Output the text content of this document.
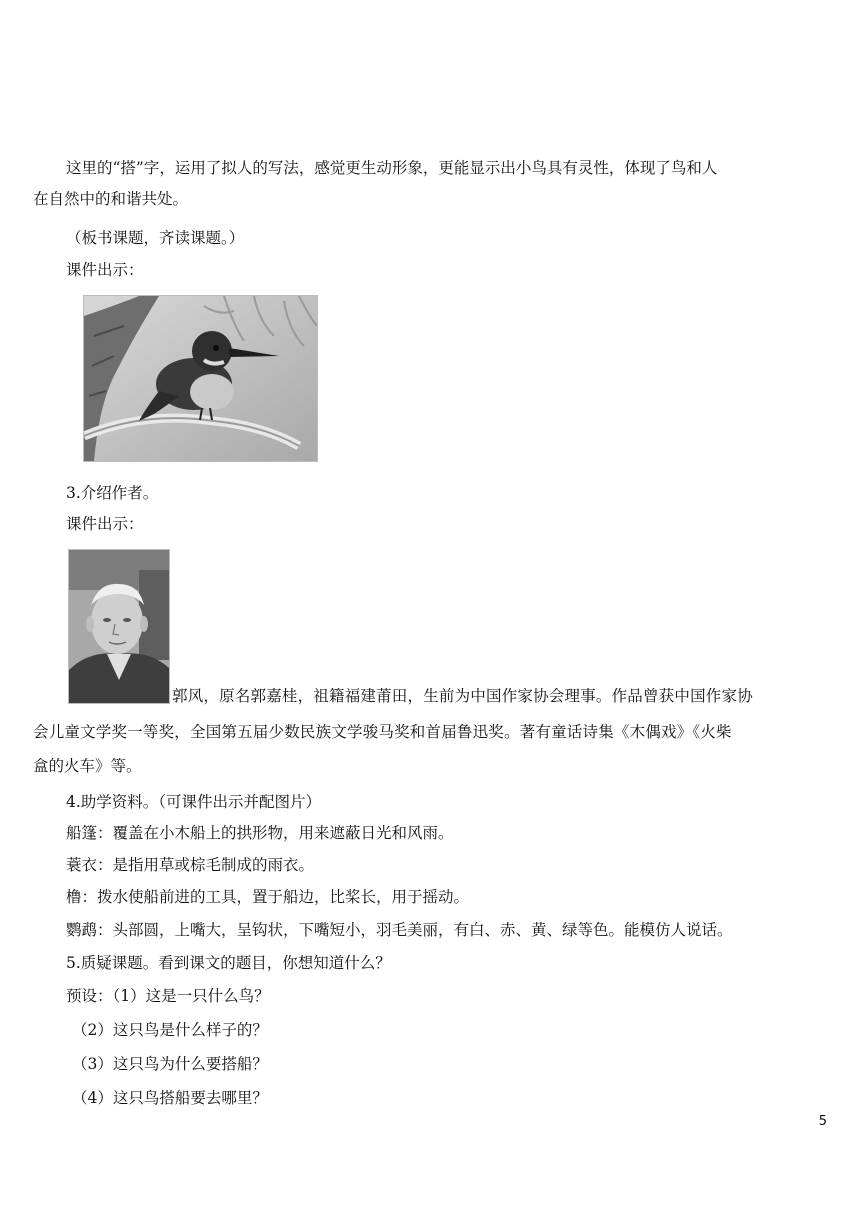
这里的“搭”字，运用了拟人的写法，感觉更生动形象，更能显示出小鸟具有灵性，体现了鸟和人
在自然中的和谐共处。
（板书课题，齐读课题。）
课件出示：
3.介绍作者。
课件出示：
郭风，原名郭嘉桂，祖籍福建莆田，生前为中国作家协会理事。作品曾获中国作家协
会儿童文学奖一等奖，全国第五届少数民族文学骏马奖和首届鲁迅奖。著有童话诗集《木偶戏》《火柴
盒的火车》等。
4.助学资料。（可课件出示并配图片）
船篷：覆盖在小木船上的拱形物，用来遮蔽日光和风雨。
蓑衣：是指用草或棕毛制成的雨衣。
橹：拨水使船前进的工具，置于船边，比桨长，用于摇动。
鹦鹉：头部圆，上嘴大，呈钩状，下嘴短小，羽毛美丽，有白、赤、黄、绿等色。能模仿人说话。
5.质疑课题。看到课文的题目，你想知道什么？
预设：（1）这是一只什么鸟？
（2）这只鸟是什么样子的？
（3）这只鸟为什么要搭船？
（4）这只鸟搭船要去哪里？
5
